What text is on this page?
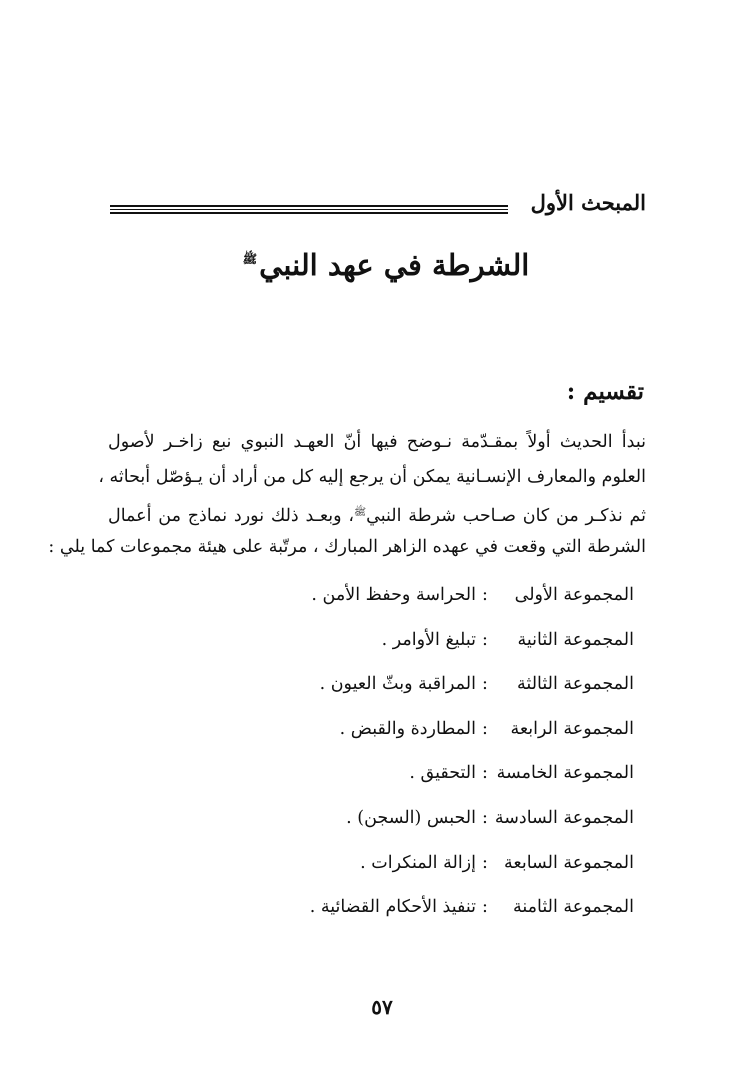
المبحث الأول
الشرطة في عهد النبيﷺ
تقسيم :
نبدأ الحديث أولاً بمقـدّمة نـوضح فيها أنّ العهـد النبوي نبع زاخـر لأصول
العلوم والمعارف الإنسـانية يمكن أن يرجع إليه كل من أراد أن يـؤصّل أبحاثه ،
ثم نذكـر من كان صـاحب شرطة النبي$^ﷺ$، وبعـد ذلك نورد نماذج من أعمال
الشرطة التي وقعت في عهده الزاهر المبارك ، مرتّبة على هيئة مجموعات كما يلي :
المجموعة الأولى:الحراسة وحفظ الأمن .
المجموعة الثانية:تبليغ الأوامر .
المجموعة الثالثة:المراقبة وبثّ العيون .
المجموعة الرابعة:المطاردة والقبض .
المجموعة الخامسة:التحقيق .
المجموعة السادسة:الحبس (السجن) .
المجموعة السابعة:إزالة المنكرات .
المجموعة الثامنة:تنفيذ الأحكام القضائية .
٥٧
